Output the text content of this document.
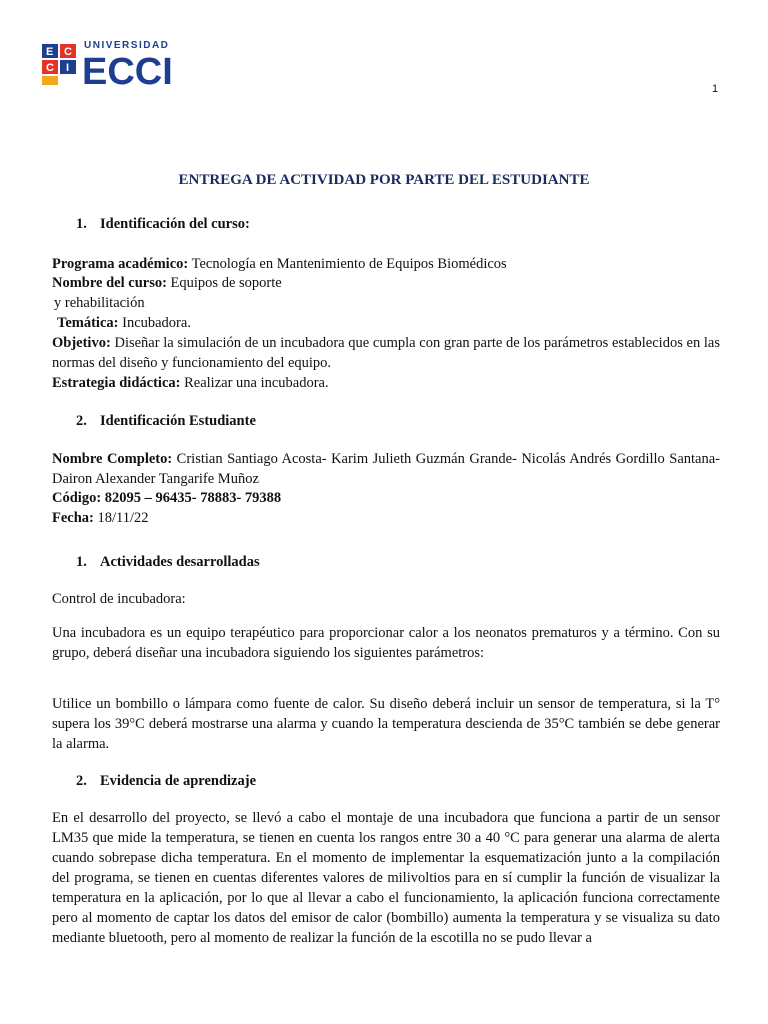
E C
C I
UNIVERSIDAD
ECCI	1
ENTREGA DE ACTIVIDAD POR PARTE DEL ESTUDIANTE
1. Identificación del curso:
Programa académico: Tecnología en Mantenimiento de Equipos Biomédicos
Nombre del curso: Equipos de soporte
y rehabilitación
Temática: Incubadora.
Objetivo: Diseñar la simulación de un incubadora que cumpla con gran parte de los parámetros establecidos en las normas del diseño y funcionamiento del equipo.
Estrategia didáctica: Realizar una incubadora.
2. Identificación Estudiante
Nombre Completo: Cristian Santiago Acosta- Karim Julieth Guzmán Grande- Nicolás Andrés Gordillo Santana- Dairon Alexander Tangarife Muñoz
Código: 82095 – 96435- 78883- 79388
Fecha: 18/11/22
1. Actividades desarrolladas
Control de incubadora:
Una incubadora es un equipo terapéutico para proporcionar calor a los neonatos prematuros y a término. Con su grupo, deberá diseñar una incubadora siguiendo los siguientes parámetros:
Utilice un bombillo o lámpara como fuente de calor. Su diseño deberá incluir un sensor de temperatura, si la T° supera los 39°C deberá mostrarse una alarma y cuando la temperatura descienda de 35°C también se debe generar la alarma.
2. Evidencia de aprendizaje
En el desarrollo del proyecto, se llevó a cabo el montaje de una incubadora que funciona a partir de un sensor LM35 que mide la temperatura, se tienen en cuenta los rangos entre 30 a 40 °C para generar una alarma de alerta cuando sobrepase dicha temperatura. En el momento de implementar la esquematización junto a la compilación del programa, se tienen en cuentas diferentes valores de milivoltios para en sí cumplir la función de visualizar la temperatura en la aplicación, por lo que al llevar a cabo el funcionamiento, la aplicación funciona correctamente pero al momento de captar los datos del emisor de calor (bombillo) aumenta la temperatura y se visualiza su dato mediante bluetooth, pero al momento de realizar la función de la escotilla no se pudo llevar a
